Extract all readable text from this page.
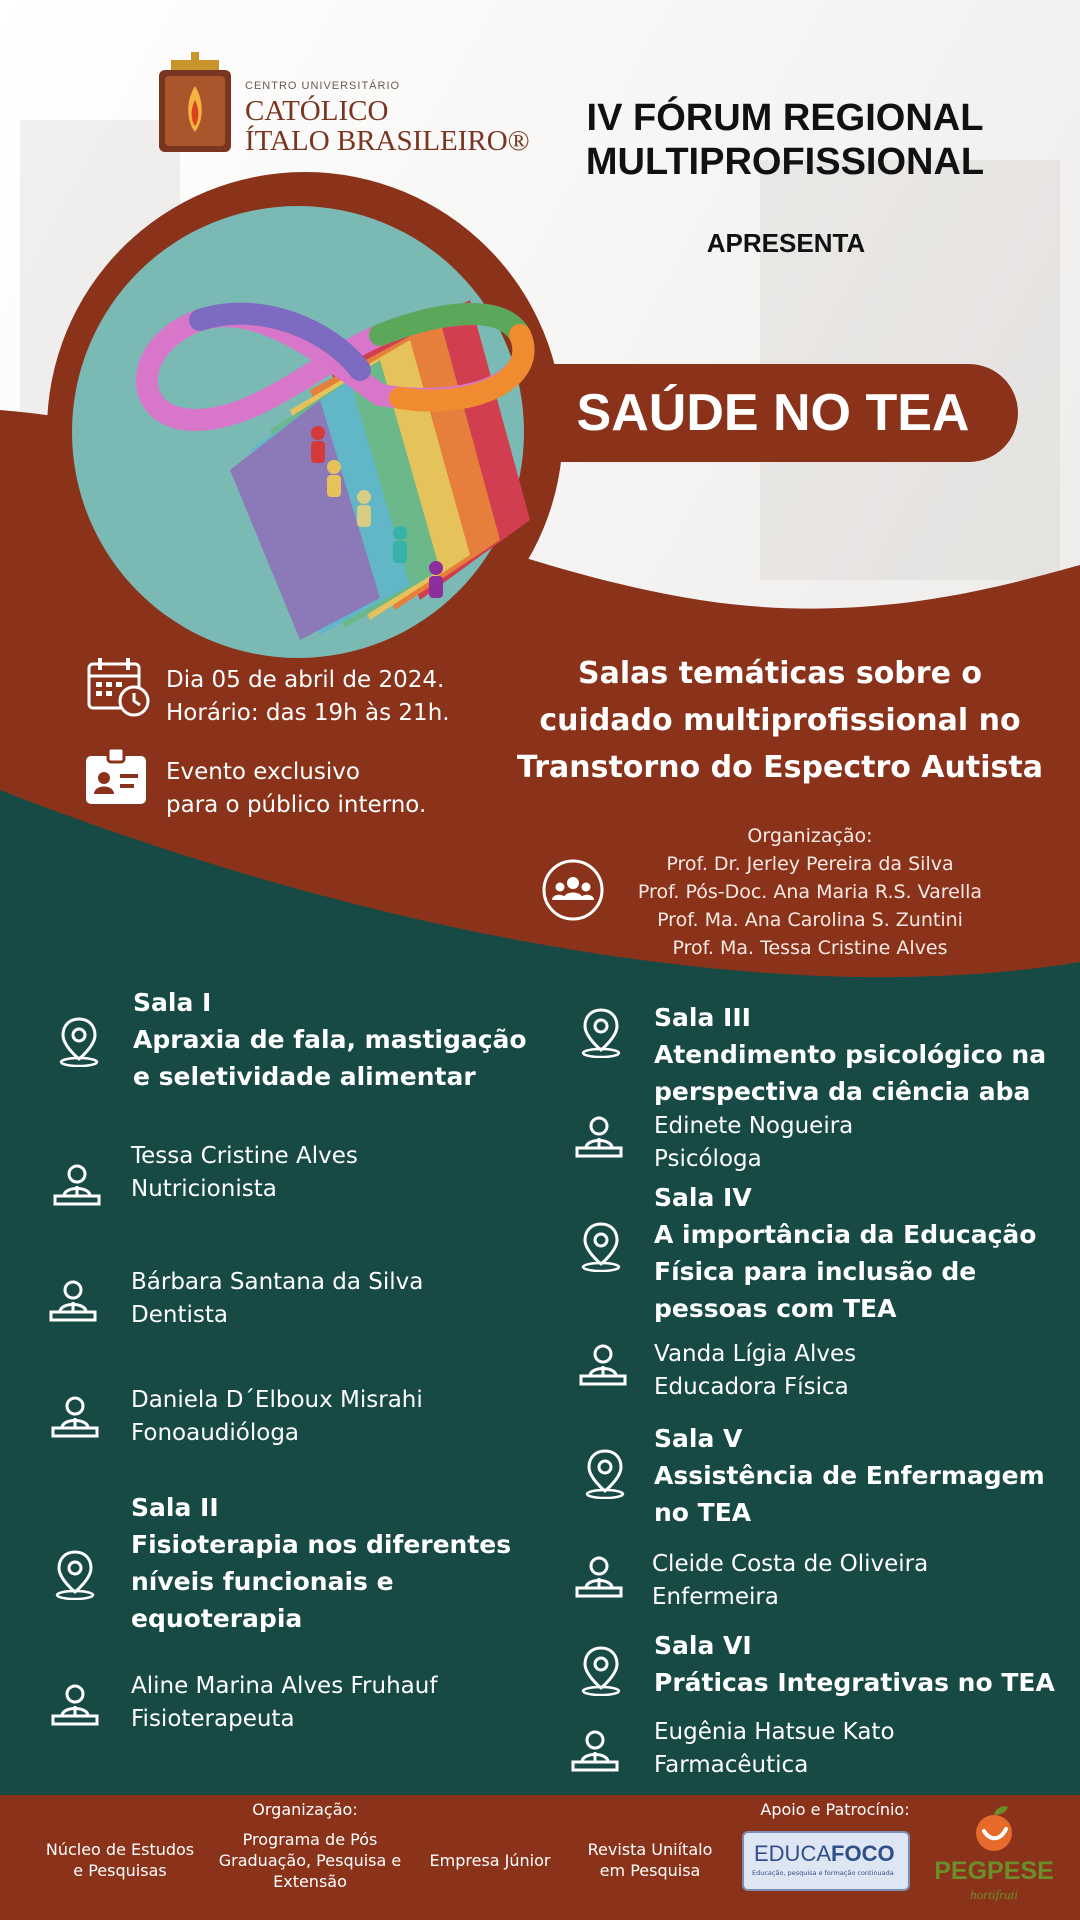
CENTRO UNIVERSITÁRIO
CATÓLICO
ÍTALO BRASILEIRO®
IV FÓRUM REGIONAL
MULTIPROFISSIONAL
APRESENTA
SAÚDE NO TEA
Dia 05 de abril de 2024.
Horário: das 19h às 21h.
Evento exclusivo
para o público interno.
Salas temáticas sobre o
cuidado multiprofissional no
Transtorno do Espectro Autista
Organização:
Prof. Dr. Jerley Pereira da Silva
Prof. Pós-Doc. Ana Maria R.S. Varella
Prof. Ma. Ana Carolina S. Zuntini
Prof. Ma. Tessa Cristine Alves
Sala I
Apraxia de fala, mastigação
e seletividade alimentar
Tessa Cristine Alves
Nutricionista
Bárbara Santana da Silva
Dentista
Daniela D´Elboux Misrahi
Fonoaudióloga
Sala II
Fisioterapia nos diferentes
níveis funcionais e
equoterapia
Aline Marina Alves Fruhauf
Fisioterapeuta
Sala III
Atendimento psicológico na
perspectiva da ciência aba
Edinete Nogueira
Psicóloga
Sala IV
A importância da Educação
Física para inclusão de
pessoas com TEA
Vanda Lígia Alves
Educadora Física
Sala V
Assistência de Enfermagem
no TEA
Cleide Costa de Oliveira
Enfermeira
Sala VI
Práticas Integrativas no TEA
Eugênia Hatsue Kato
Farmacêutica
Organização:	Apoio e Patrocínio:
Núcleo de Estudos
e Pesquisas
Programa de Pós
Graduação, Pesquisa e
Extensão
Empresa Júnior
Revista Uniítalo
em Pesquisa
EDUCAFOCO
Educação, pesquisa e formação continuada	PEGPESE
hortifruti
